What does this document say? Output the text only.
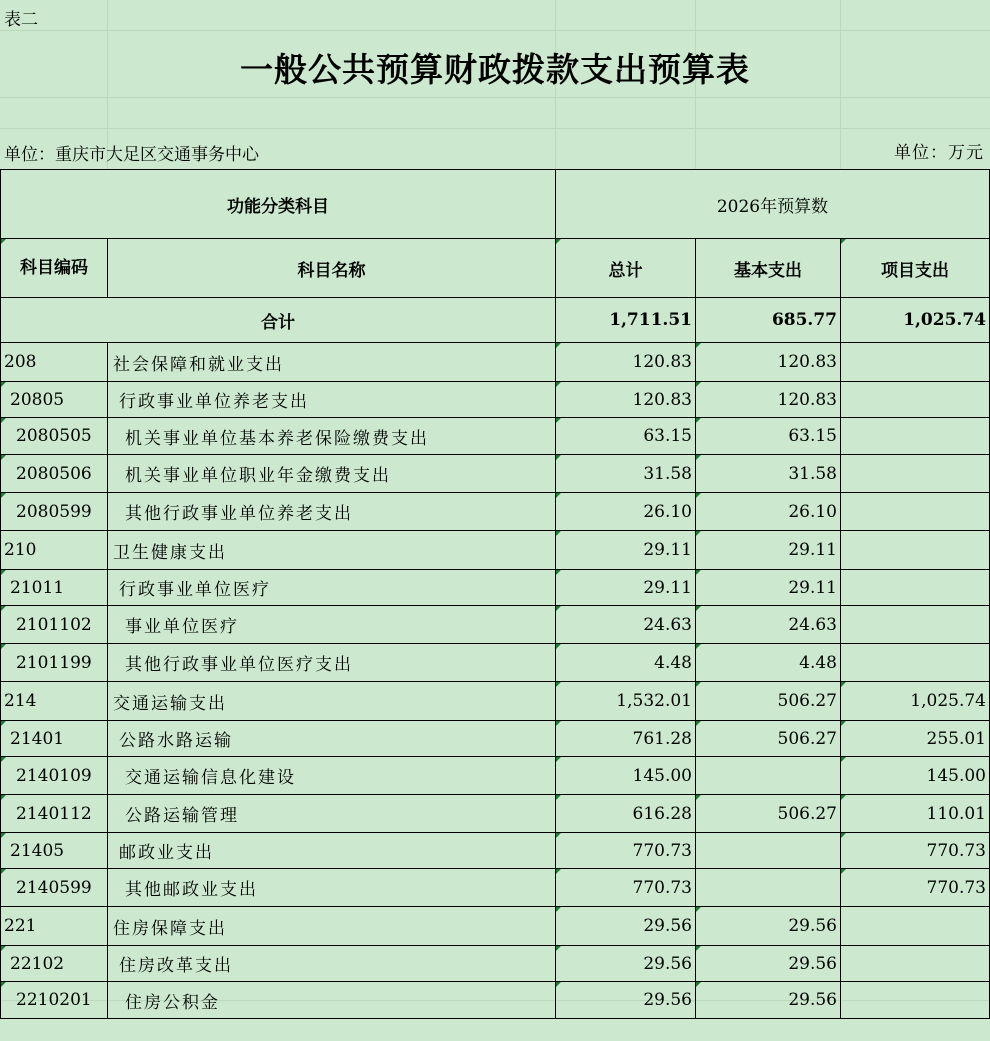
表二
一般公共预算财政拨款支出预算表
单位：重庆市大足区交通事务中心	单位：万元
功能分类科目		2026年预算数		
科目编码	科目名称	总计	基本支出	项目支出
合计		1,711.51	685.77	1,025.74
208	社会保障和就业支出	120.83	120.83	
20805	行政事业单位养老支出	120.83	120.83	
2080505	机关事业单位基本养老保险缴费支出	63.15	63.15	
2080506	机关事业单位职业年金缴费支出	31.58	31.58	
2080599	其他行政事业单位养老支出	26.10	26.10	
210	卫生健康支出	29.11	29.11	
21011	行政事业单位医疗	29.11	29.11	
2101102	事业单位医疗	24.63	24.63	
2101199	其他行政事业单位医疗支出	4.48	4.48	
214	交通运输支出	1,532.01	506.27	1,025.74
21401	公路水路运输	761.28	506.27	255.01
2140109	交通运输信息化建设	145.00		145.00
2140112	公路运输管理	616.28	506.27	110.01
21405	邮政业支出	770.73		770.73
2140599	其他邮政业支出	770.73		770.73
221	住房保障支出	29.56	29.56	
22102	住房改革支出	29.56	29.56	
2210201	住房公积金	29.56	29.56	
